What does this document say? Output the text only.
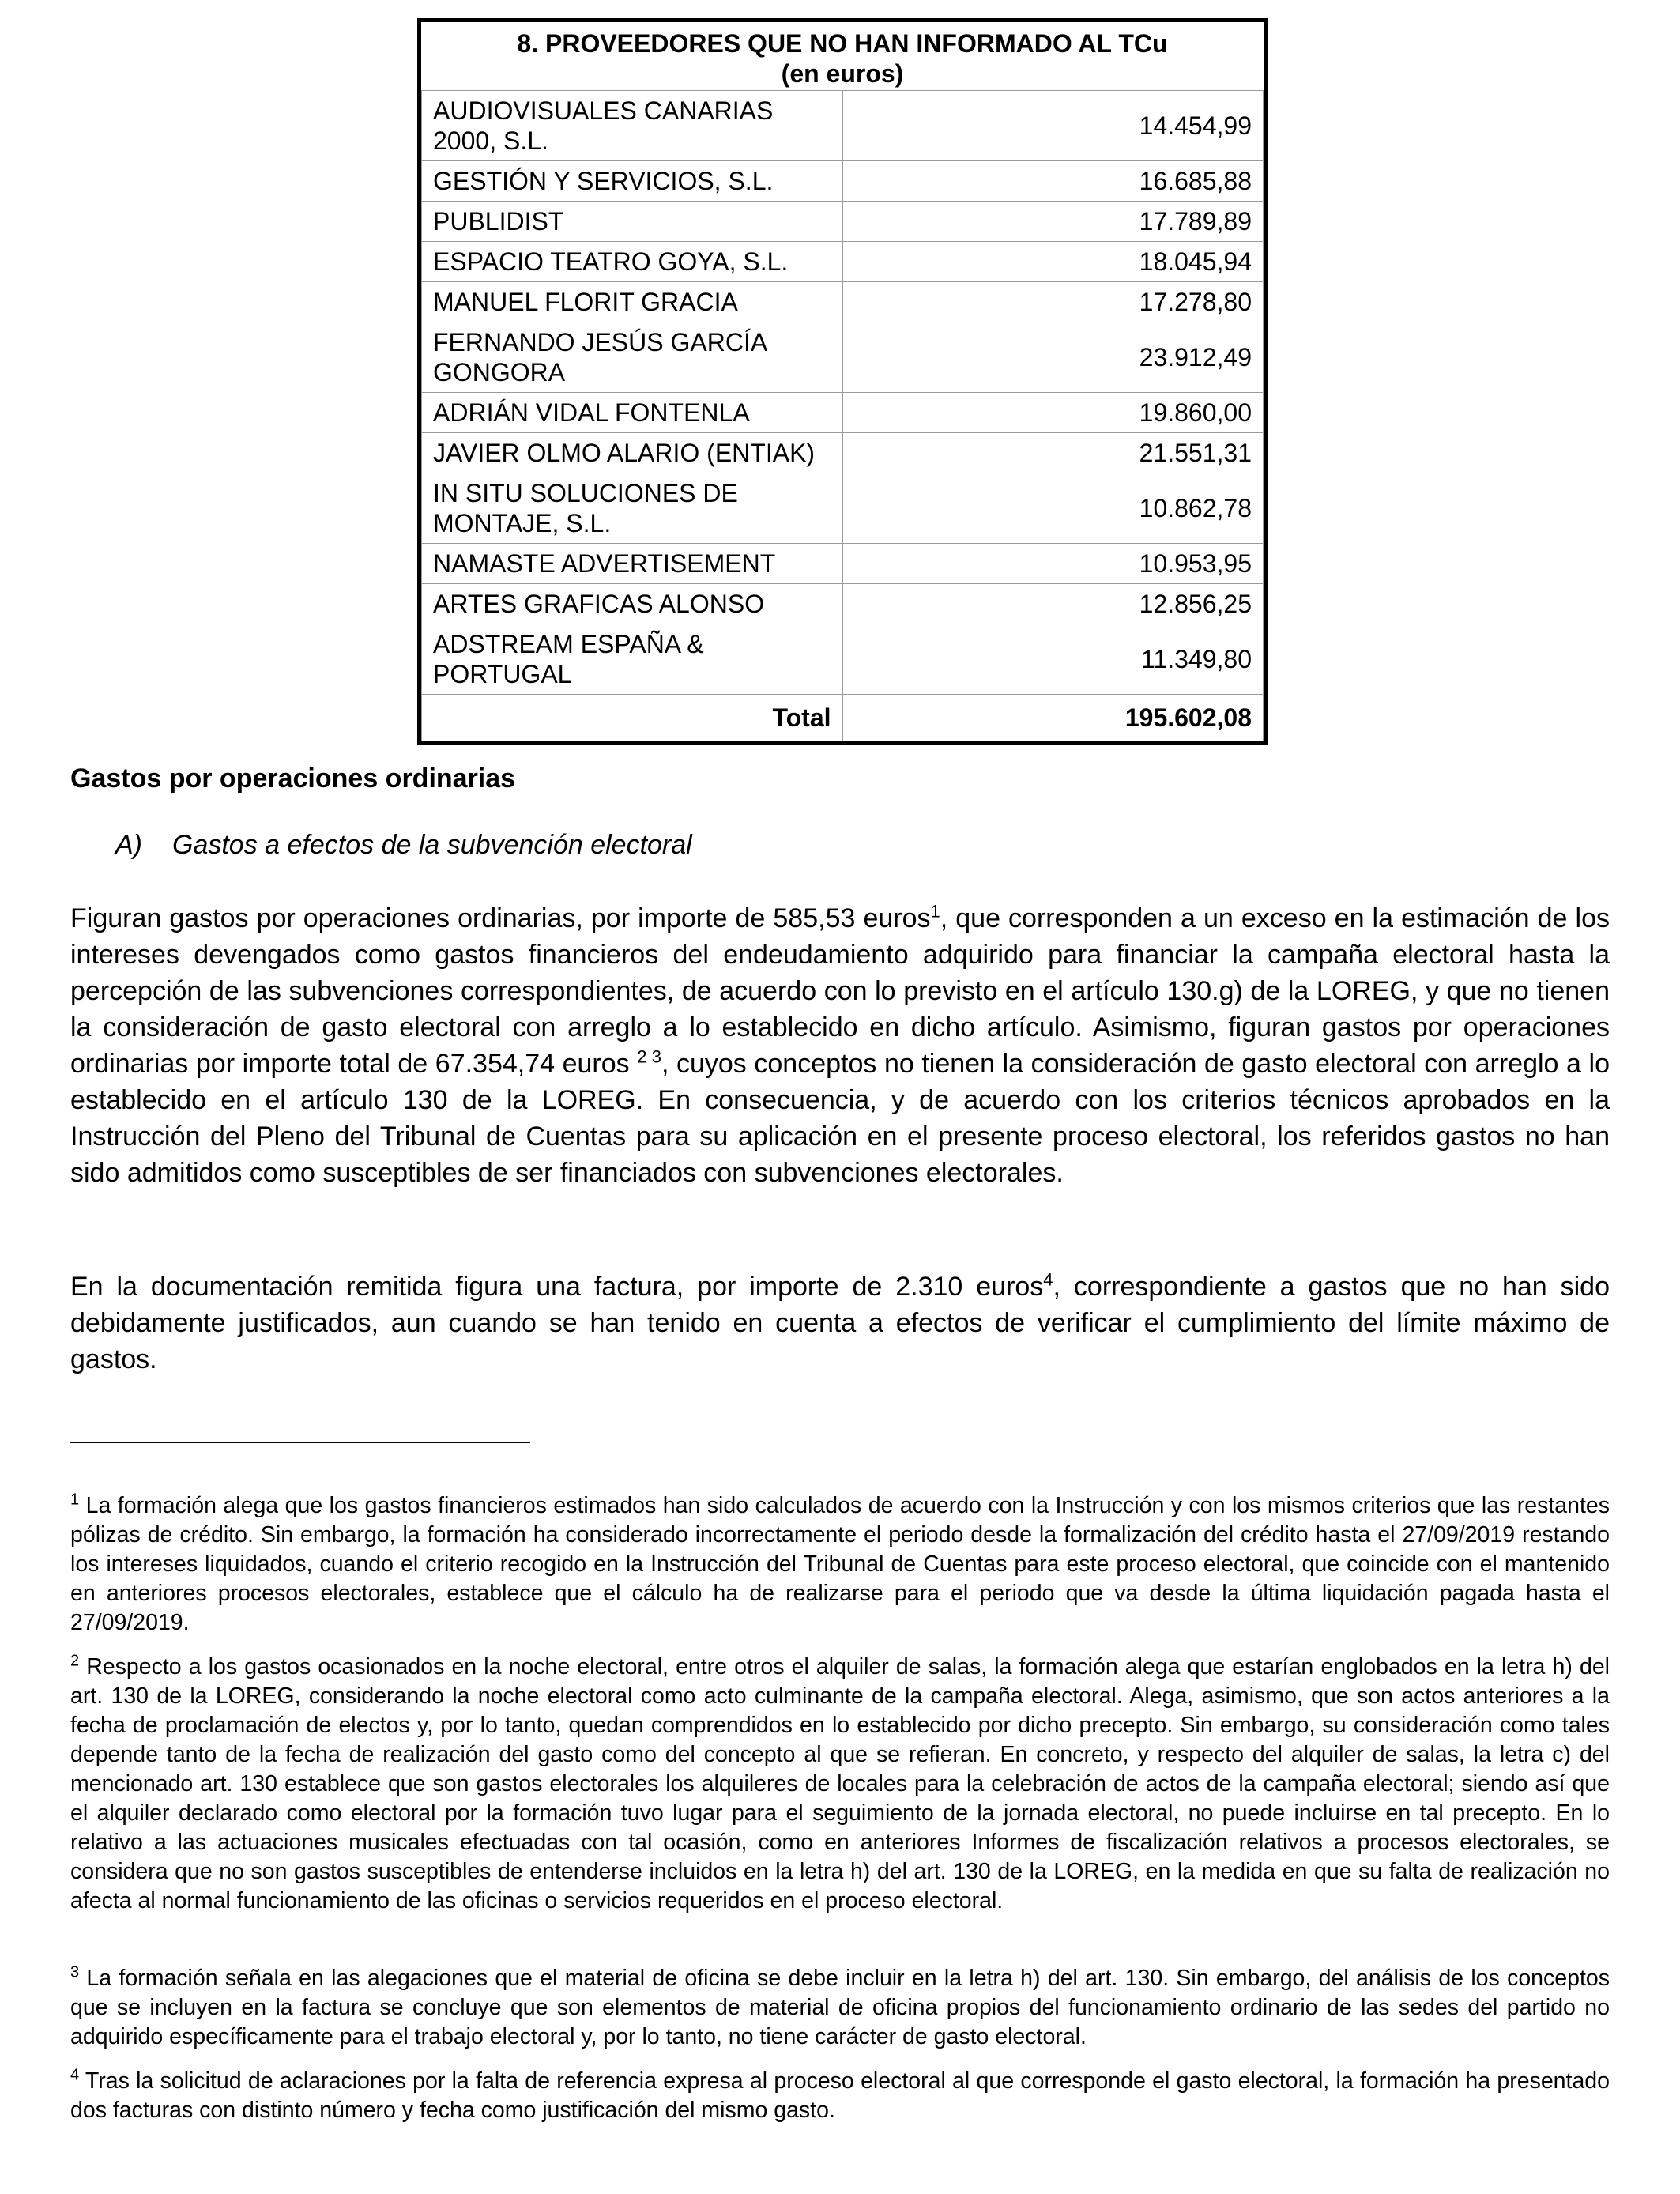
8. PROVEEDORES QUE NO HAN INFORMADO AL TCu
(en euros)	

AUDIOVISUALES CANARIAS 2000, S.L.	14.454,99
GESTIÓN Y SERVICIOS, S.L.	16.685,88
PUBLIDIST	17.789,89
ESPACIO TEATRO GOYA, S.L.	18.045,94
MANUEL FLORIT GRACIA	17.278,80
FERNANDO JESÚS GARCÍA GONGORA	23.912,49
ADRIÁN VIDAL FONTENLA	19.860,00
JAVIER OLMO ALARIO (ENTIAK)	21.551,31
IN SITU SOLUCIONES DE MONTAJE, S.L.	10.862,78
NAMASTE ADVERTISEMENT	10.953,95
ARTES GRAFICAS ALONSO	12.856,25
ADSTREAM ESPAÑA & PORTUGAL	11.349,80
Total	195.602,08
Gastos por operaciones ordinarias
A) Gastos a efectos de la subvención electoral
Figuran gastos por operaciones ordinarias, por importe de 585,53 euros$^1$, que corresponden a un exceso en la estimación de los intereses devengados como gastos financieros del endeudamiento adquirido para financiar la campaña electoral hasta la percepción de las subvenciones correspondientes, de acuerdo con lo previsto en el artículo 130.g) de la LOREG, y que no tienen la consideración de gasto electoral con arreglo a lo establecido en dicho artículo. Asimismo, figuran gastos por operaciones ordinarias por importe total de 67.354,74 euros $^{2 3}$, cuyos conceptos no tienen la consideración de gasto electoral con arreglo a lo establecido en el artículo 130 de la LOREG. En consecuencia, y de acuerdo con los criterios técnicos aprobados en la Instrucción del Pleno del Tribunal de Cuentas para su aplicación en el presente proceso electoral, los referidos gastos no han sido admitidos como susceptibles de ser financiados con subvenciones electorales.
En la documentación remitida figura una factura, por importe de 2.310 euros$^4$, correspondiente a gastos que no han sido debidamente justificados, aun cuando se han tenido en cuenta a efectos de verificar el cumplimiento del límite máximo de gastos.
$^1$ La formación alega que los gastos financieros estimados han sido calculados de acuerdo con la Instrucción y con los mismos criterios que las restantes pólizas de crédito. Sin embargo, la formación ha considerado incorrectamente el periodo desde la formalización del crédito hasta el 27/09/2019 restando los intereses liquidados, cuando el criterio recogido en la Instrucción del Tribunal de Cuentas para este proceso electoral, que coincide con el mantenido en anteriores procesos electorales, establece que el cálculo ha de realizarse para el periodo que va desde la última liquidación pagada hasta el 27/09/2019.
$^2$ Respecto a los gastos ocasionados en la noche electoral, entre otros el alquiler de salas, la formación alega que estarían englobados en la letra h) del art. 130 de la LOREG, considerando la noche electoral como acto culminante de la campaña electoral. Alega, asimismo, que son actos anteriores a la fecha de proclamación de electos y, por lo tanto, quedan comprendidos en lo establecido por dicho precepto. Sin embargo, su consideración como tales depende tanto de la fecha de realización del gasto como del concepto al que se refieran. En concreto, y respecto del alquiler de salas, la letra c) del mencionado art. 130 establece que son gastos electorales los alquileres de locales para la celebración de actos de la campaña electoral; siendo así que el alquiler declarado como electoral por la formación tuvo lugar para el seguimiento de la jornada electoral, no puede incluirse en tal precepto. En lo relativo a las actuaciones musicales efectuadas con tal ocasión, como en anteriores Informes de fiscalización relativos a procesos electorales, se considera que no son gastos susceptibles de entenderse incluidos en la letra h) del art. 130 de la LOREG, en la medida en que su falta de realización no afecta al normal funcionamiento de las oficinas o servicios requeridos en el proceso electoral.
$^3$ La formación señala en las alegaciones que el material de oficina se debe incluir en la letra h) del art. 130. Sin embargo, del análisis de los conceptos que se incluyen en la factura se concluye que son elementos de material de oficina propios del funcionamiento ordinario de las sedes del partido no adquirido específicamente para el trabajo electoral y, por lo tanto, no tiene carácter de gasto electoral.
$^4$ Tras la solicitud de aclaraciones por la falta de referencia expresa al proceso electoral al que corresponde el gasto electoral, la formación ha presentado dos facturas con distinto número y fecha como justificación del mismo gasto.
